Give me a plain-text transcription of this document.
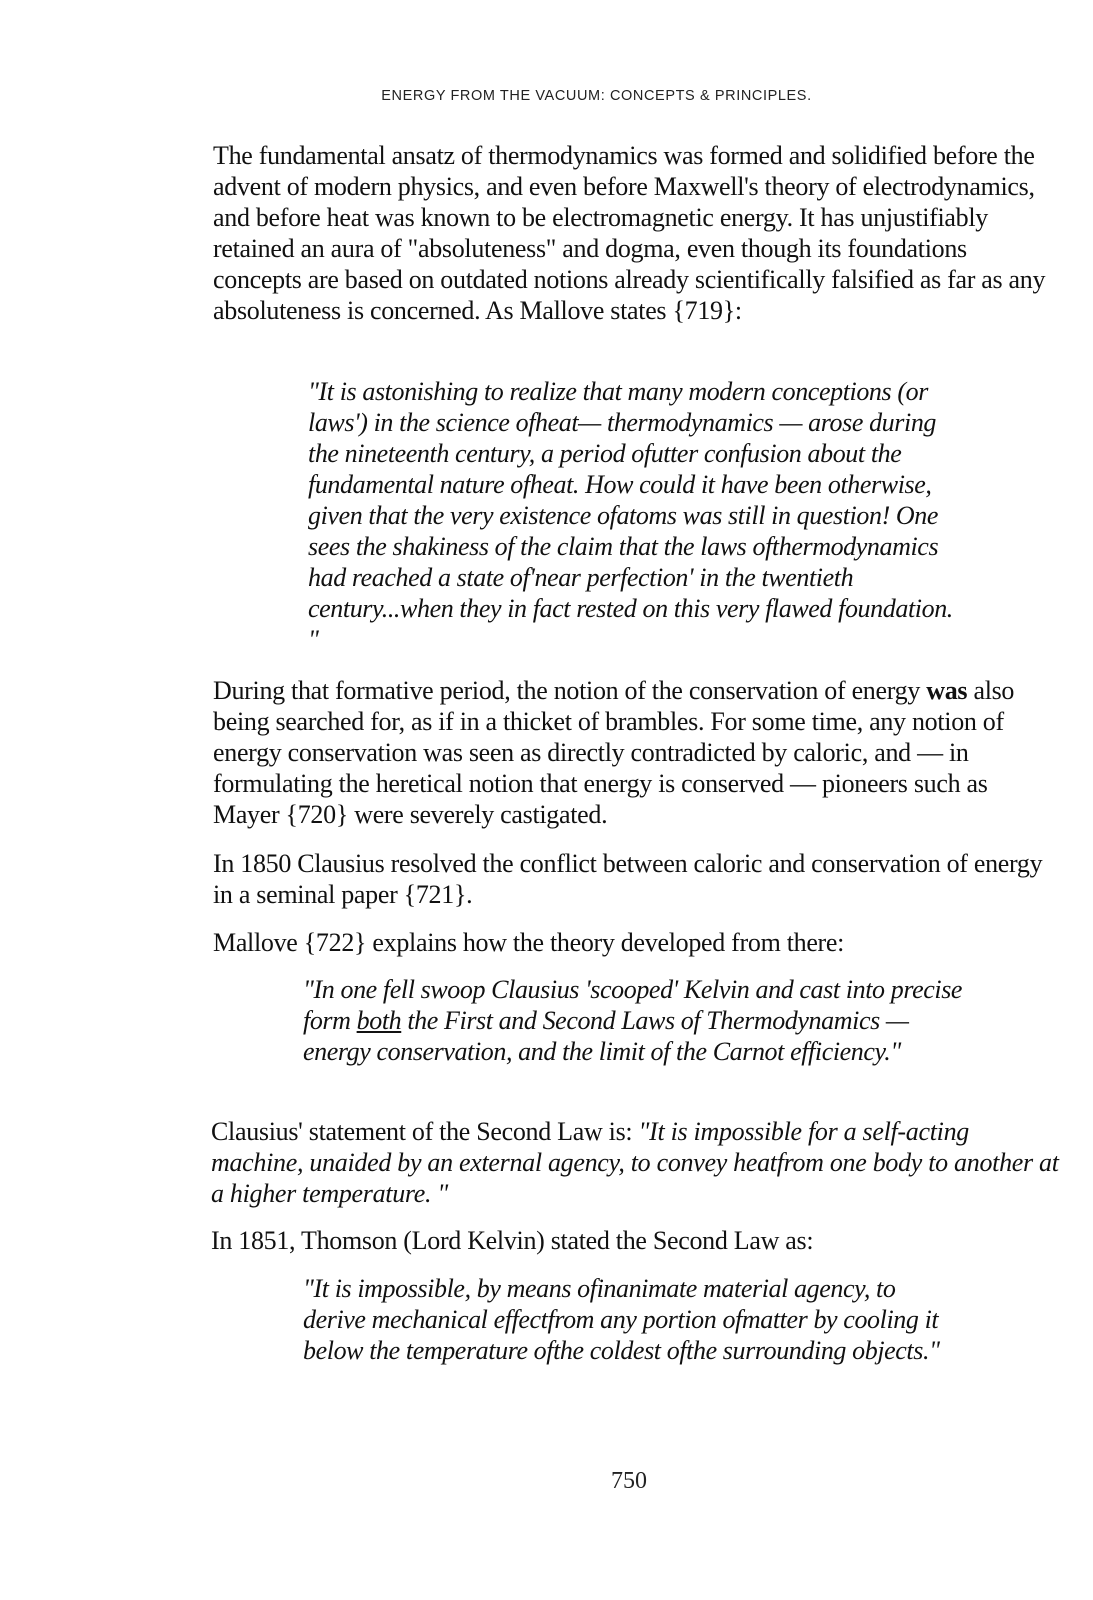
ENERGY FROM THE VACUUM: CONCEPTS & PRINCIPLES.

The fundamental ansatz of thermodynamics was formed and solidified before the advent of modern physics, and even before Maxwell's theory of electrodynamics, and before heat was known to be electromagnetic energy. It has unjustifiably retained an aura of "absoluteness" and dogma, even though its foundations concepts are based on outdated notions already scientifically falsified as far as any absoluteness is concerned. As Mallove states {719}:

"It is astonishing to realize that many modern conceptions (or laws') in the science ofheat— thermodynamics — arose during the nineteenth century, a period ofutter confusion about the fundamental nature ofheat. How could it have been otherwise, given that the very existence ofatoms was still in question! One sees the shakiness of the claim that the laws ofthermodynamics had reached a state of'near perfection' in the twentieth century...when they in fact rested on this very flawed foundation. "

During that formative period, the notion of the conservation of energy was also being searched for, as if in a thicket of brambles. For some time, any notion of energy conservation was seen as directly contradicted by caloric, and — in formulating the heretical notion that energy is conserved — pioneers such as Mayer {720} were severely castigated.

In 1850 Clausius resolved the conflict between caloric and conservation of energy in a seminal paper {721}.

Mallove {722} explains how the theory developed from there:

"In one fell swoop Clausius 'scooped' Kelvin and cast into precise form both the First and Second Laws of Thermodynamics — energy conservation, and the limit of the Carnot efficiency."

Clausius' statement of the Second Law is: "It is impossible for a self-acting machine, unaided by an external agency, to convey heatfrom one body to another at a higher temperature. "

In 1851, Thomson (Lord Kelvin) stated the Second Law as:

"It is impossible, by means ofinanimate material agency, to derive mechanical effectfrom any portion ofmatter by cooling it below the temperature ofthe coldest ofthe surrounding objects."

750
